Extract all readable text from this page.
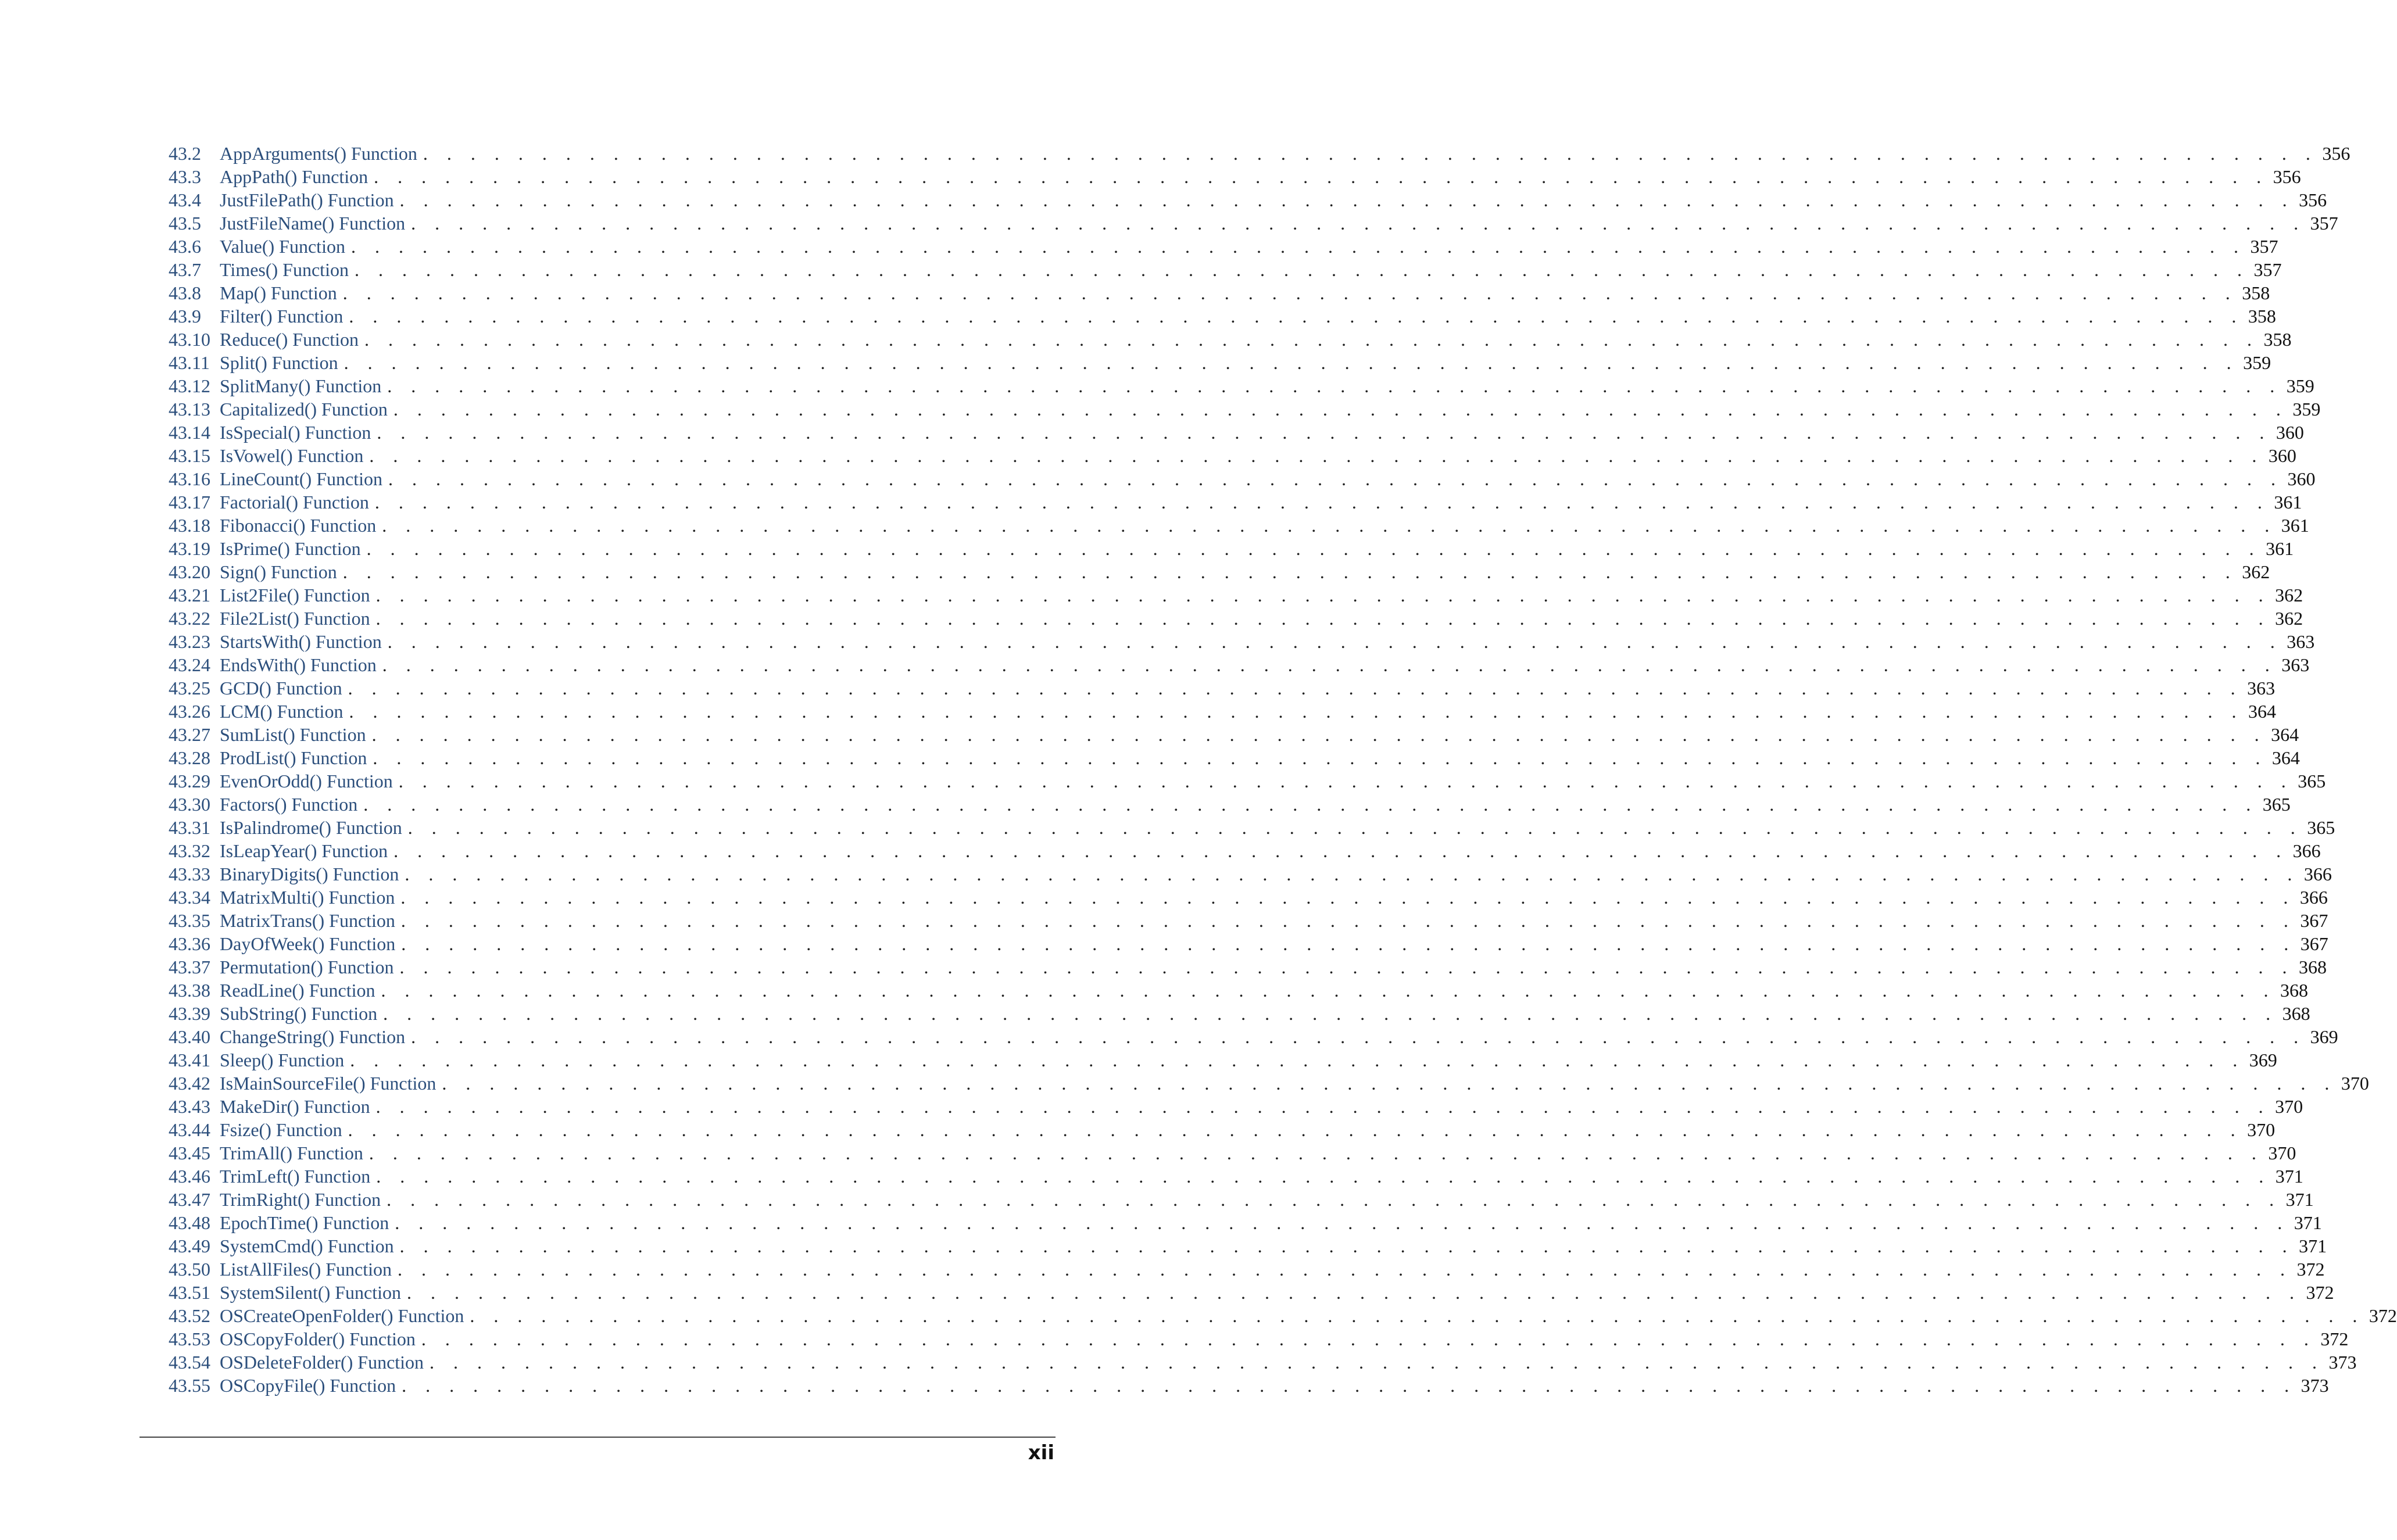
43.2	AppArguments() Function . . . . . . . . . . . . . . . . . . . . . . . . . . . . . . . . . . . . . . . . . . . . . . . . . . . . . . . . . . . . . . . . . . . . . . . . . . . . . . . . 356
43.3	AppPath() Function . . . . . . . . . . . . . . . . . . . . . . . . . . . . . . . . . . . . . . . . . . . . . . . . . . . . . . . . . . . . . . . . . . . . . . . . . . . . . . . . 356
43.4	JustFilePath() Function . . . . . . . . . . . . . . . . . . . . . . . . . . . . . . . . . . . . . . . . . . . . . . . . . . . . . . . . . . . . . . . . . . . . . . . . . . . . . . . . 356
43.5	JustFileName() Function . . . . . . . . . . . . . . . . . . . . . . . . . . . . . . . . . . . . . . . . . . . . . . . . . . . . . . . . . . . . . . . . . . . . . . . . . . . . . . . . 357
43.6	Value() Function . . . . . . . . . . . . . . . . . . . . . . . . . . . . . . . . . . . . . . . . . . . . . . . . . . . . . . . . . . . . . . . . . . . . . . . . . . . . . . . . 357
43.7	Times() Function . . . . . . . . . . . . . . . . . . . . . . . . . . . . . . . . . . . . . . . . . . . . . . . . . . . . . . . . . . . . . . . . . . . . . . . . . . . . . . . . 357
43.8	Map() Function . . . . . . . . . . . . . . . . . . . . . . . . . . . . . . . . . . . . . . . . . . . . . . . . . . . . . . . . . . . . . . . . . . . . . . . . . . . . . . . . 358
43.9	Filter() Function . . . . . . . . . . . . . . . . . . . . . . . . . . . . . . . . . . . . . . . . . . . . . . . . . . . . . . . . . . . . . . . . . . . . . . . . . . . . . . . . 358
43.10 Reduce() Function . . . . . . . . . . . . . . . . . . . . . . . . . . . . . . . . . . . . . . . . . . . . . . . . . . . . . . . . . . . . . . . . . . . . . . . . . . . . . . . . 358
43.11 Split() Function . . . . . . . . . . . . . . . . . . . . . . . . . . . . . . . . . . . . . . . . . . . . . . . . . . . . . . . . . . . . . . . . . . . . . . . . . . . . . . . . 359
43.12 SplitMany() Function . . . . . . . . . . . . . . . . . . . . . . . . . . . . . . . . . . . . . . . . . . . . . . . . . . . . . . . . . . . . . . . . . . . . . . . . . . . . . . . . 359
43.13 Capitalized() Function . . . . . . . . . . . . . . . . . . . . . . . . . . . . . . . . . . . . . . . . . . . . . . . . . . . . . . . . . . . . . . . . . . . . . . . . . . . . . . . . 359
43.14 IsSpecial() Function . . . . . . . . . . . . . . . . . . . . . . . . . . . . . . . . . . . . . . . . . . . . . . . . . . . . . . . . . . . . . . . . . . . . . . . . . . . . . . . . 360
43.15 IsVowel() Function . . . . . . . . . . . . . . . . . . . . . . . . . . . . . . . . . . . . . . . . . . . . . . . . . . . . . . . . . . . . . . . . . . . . . . . . . . . . . . . . 360
43.16 LineCount() Function . . . . . . . . . . . . . . . . . . . . . . . . . . . . . . . . . . . . . . . . . . . . . . . . . . . . . . . . . . . . . . . . . . . . . . . . . . . . . . . . 360
43.17 Factorial() Function . . . . . . . . . . . . . . . . . . . . . . . . . . . . . . . . . . . . . . . . . . . . . . . . . . . . . . . . . . . . . . . . . . . . . . . . . . . . . . . . 361
43.18 Fibonacci() Function . . . . . . . . . . . . . . . . . . . . . . . . . . . . . . . . . . . . . . . . . . . . . . . . . . . . . . . . . . . . . . . . . . . . . . . . . . . . . . . . 361
43.19 IsPrime() Function . . . . . . . . . . . . . . . . . . . . . . . . . . . . . . . . . . . . . . . . . . . . . . . . . . . . . . . . . . . . . . . . . . . . . . . . . . . . . . . . 361
43.20 Sign() Function . . . . . . . . . . . . . . . . . . . . . . . . . . . . . . . . . . . . . . . . . . . . . . . . . . . . . . . . . . . . . . . . . . . . . . . . . . . . . . . . 362
43.21 List2File() Function . . . . . . . . . . . . . . . . . . . . . . . . . . . . . . . . . . . . . . . . . . . . . . . . . . . . . . . . . . . . . . . . . . . . . . . . . . . . . . . . 362
43.22 File2List() Function . . . . . . . . . . . . . . . . . . . . . . . . . . . . . . . . . . . . . . . . . . . . . . . . . . . . . . . . . . . . . . . . . . . . . . . . . . . . . . . . 362
43.23 StartsWith() Function . . . . . . . . . . . . . . . . . . . . . . . . . . . . . . . . . . . . . . . . . . . . . . . . . . . . . . . . . . . . . . . . . . . . . . . . . . . . . . . . 363
43.24 EndsWith() Function . . . . . . . . . . . . . . . . . . . . . . . . . . . . . . . . . . . . . . . . . . . . . . . . . . . . . . . . . . . . . . . . . . . . . . . . . . . . . . . . 363
43.25 GCD() Function . . . . . . . . . . . . . . . . . . . . . . . . . . . . . . . . . . . . . . . . . . . . . . . . . . . . . . . . . . . . . . . . . . . . . . . . . . . . . . . . 363
43.26 LCM() Function . . . . . . . . . . . . . . . . . . . . . . . . . . . . . . . . . . . . . . . . . . . . . . . . . . . . . . . . . . . . . . . . . . . . . . . . . . . . . . . . 364
43.27 SumList() Function . . . . . . . . . . . . . . . . . . . . . . . . . . . . . . . . . . . . . . . . . . . . . . . . . . . . . . . . . . . . . . . . . . . . . . . . . . . . . . . . 364
43.28 ProdList() Function . . . . . . . . . . . . . . . . . . . . . . . . . . . . . . . . . . . . . . . . . . . . . . . . . . . . . . . . . . . . . . . . . . . . . . . . . . . . . . . . 364
43.29 EvenOrOdd() Function . . . . . . . . . . . . . . . . . . . . . . . . . . . . . . . . . . . . . . . . . . . . . . . . . . . . . . . . . . . . . . . . . . . . . . . . . . . . . . . . 365
43.30 Factors() Function . . . . . . . . . . . . . . . . . . . . . . . . . . . . . . . . . . . . . . . . . . . . . . . . . . . . . . . . . . . . . . . . . . . . . . . . . . . . . . . . 365
43.31 IsPalindrome() Function . . . . . . . . . . . . . . . . . . . . . . . . . . . . . . . . . . . . . . . . . . . . . . . . . . . . . . . . . . . . . . . . . . . . . . . . . . . . . . . . 365
43.32 IsLeapYear() Function . . . . . . . . . . . . . . . . . . . . . . . . . . . . . . . . . . . . . . . . . . . . . . . . . . . . . . . . . . . . . . . . . . . . . . . . . . . . . . . . 366
43.33 BinaryDigits() Function . . . . . . . . . . . . . . . . . . . . . . . . . . . . . . . . . . . . . . . . . . . . . . . . . . . . . . . . . . . . . . . . . . . . . . . . . . . . . . . . 366
43.34 MatrixMulti() Function . . . . . . . . . . . . . . . . . . . . . . . . . . . . . . . . . . . . . . . . . . . . . . . . . . . . . . . . . . . . . . . . . . . . . . . . . . . . . . . . 366
43.35 MatrixTrans() Function . . . . . . . . . . . . . . . . . . . . . . . . . . . . . . . . . . . . . . . . . . . . . . . . . . . . . . . . . . . . . . . . . . . . . . . . . . . . . . . . 367
43.36 DayOfWeek() Function . . . . . . . . . . . . . . . . . . . . . . . . . . . . . . . . . . . . . . . . . . . . . . . . . . . . . . . . . . . . . . . . . . . . . . . . . . . . . . . . 367
43.37 Permutation() Function . . . . . . . . . . . . . . . . . . . . . . . . . . . . . . . . . . . . . . . . . . . . . . . . . . . . . . . . . . . . . . . . . . . . . . . . . . . . . . . . 368
43.38 ReadLine() Function . . . . . . . . . . . . . . . . . . . . . . . . . . . . . . . . . . . . . . . . . . . . . . . . . . . . . . . . . . . . . . . . . . . . . . . . . . . . . . . . 368
43.39 SubString() Function . . . . . . . . . . . . . . . . . . . . . . . . . . . . . . . . . . . . . . . . . . . . . . . . . . . . . . . . . . . . . . . . . . . . . . . . . . . . . . . . 368
43.40 ChangeString() Function . . . . . . . . . . . . . . . . . . . . . . . . . . . . . . . . . . . . . . . . . . . . . . . . . . . . . . . . . . . . . . . . . . . . . . . . . . . . . . . . 369
43.41 Sleep() Function . . . . . . . . . . . . . . . . . . . . . . . . . . . . . . . . . . . . . . . . . . . . . . . . . . . . . . . . . . . . . . . . . . . . . . . . . . . . . . . . 369
43.42 IsMainSourceFile() Function . . . . . . . . . . . . . . . . . . . . . . . . . . . . . . . . . . . . . . . . . . . . . . . . . . . . . . . . . . . . . . . . . . . . . . . . . . . . . . . . 370
43.43 MakeDir() Function . . . . . . . . . . . . . . . . . . . . . . . . . . . . . . . . . . . . . . . . . . . . . . . . . . . . . . . . . . . . . . . . . . . . . . . . . . . . . . . . 370
43.44 Fsize() Function . . . . . . . . . . . . . . . . . . . . . . . . . . . . . . . . . . . . . . . . . . . . . . . . . . . . . . . . . . . . . . . . . . . . . . . . . . . . . . . . 370
43.45 TrimAll() Function . . . . . . . . . . . . . . . . . . . . . . . . . . . . . . . . . . . . . . . . . . . . . . . . . . . . . . . . . . . . . . . . . . . . . . . . . . . . . . . . 370
43.46 TrimLeft() Function . . . . . . . . . . . . . . . . . . . . . . . . . . . . . . . . . . . . . . . . . . . . . . . . . . . . . . . . . . . . . . . . . . . . . . . . . . . . . . . . 371
43.47 TrimRight() Function . . . . . . . . . . . . . . . . . . . . . . . . . . . . . . . . . . . . . . . . . . . . . . . . . . . . . . . . . . . . . . . . . . . . . . . . . . . . . . . . 371
43.48 EpochTime() Function . . . . . . . . . . . . . . . . . . . . . . . . . . . . . . . . . . . . . . . . . . . . . . . . . . . . . . . . . . . . . . . . . . . . . . . . . . . . . . . . 371
43.49 SystemCmd() Function . . . . . . . . . . . . . . . . . . . . . . . . . . . . . . . . . . . . . . . . . . . . . . . . . . . . . . . . . . . . . . . . . . . . . . . . . . . . . . . . 371
43.50 ListAllFiles() Function . . . . . . . . . . . . . . . . . . . . . . . . . . . . . . . . . . . . . . . . . . . . . . . . . . . . . . . . . . . . . . . . . . . . . . . . . . . . . . . . 372
43.51 SystemSilent() Function . . . . . . . . . . . . . . . . . . . . . . . . . . . . . . . . . . . . . . . . . . . . . . . . . . . . . . . . . . . . . . . . . . . . . . . . . . . . . . . . 372
43.52 OSCreateOpenFolder() Function . . . . . . . . . . . . . . . . . . . . . . . . . . . . . . . . . . . . . . . . . . . . . . . . . . . . . . . . . . . . . . . . . . . . . . . . . . . . . . . . 372
43.53 OSCopyFolder() Function . . . . . . . . . . . . . . . . . . . . . . . . . . . . . . . . . . . . . . . . . . . . . . . . . . . . . . . . . . . . . . . . . . . . . . . . . . . . . . . . 372
43.54 OSDeleteFolder() Function . . . . . . . . . . . . . . . . . . . . . . . . . . . . . . . . . . . . . . . . . . . . . . . . . . . . . . . . . . . . . . . . . . . . . . . . . . . . . . . . 373
43.55 OSCopyFile() Function . . . . . . . . . . . . . . . . . . . . . . . . . . . . . . . . . . . . . . . . . . . . . . . . . . . . . . . . . . . . . . . . . . . . . . . . . . . . . . . . 373
xii
